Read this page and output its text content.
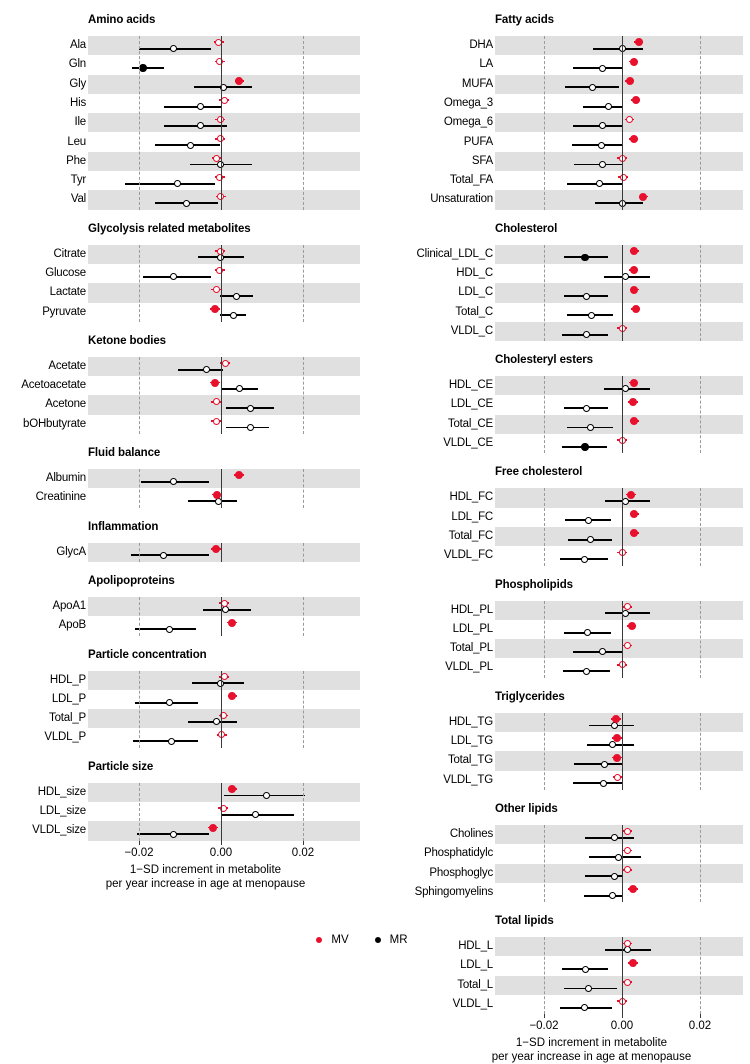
Amino acids
Ala
Gln
Gly
His
Ile
Leu
Phe
Tyr
Val
Glycolysis related metabolites
Citrate
Glucose
Lactate
Pyruvate
Ketone bodies
Acetate
Acetoacetate
Acetone
bOHbutyrate
Fluid balance
Albumin
Creatinine
Inflammation
GlycA
Apolipoproteins
ApoA1
ApoB
Particle concentration
HDL_P
LDL_P
Total_P
VLDL_P
Particle size
HDL_size
LDL_size
VLDL_size
−0.02	0.00	0.02
1−SD increment in metabolite
per year increase in age at menopause
Fatty acids
DHA
LA
MUFA
Omega_3
Omega_6
PUFA
SFA
Total_FA
Unsaturation
Cholesterol
Clinical_LDL_C
HDL_C
LDL_C
Total_C
VLDL_C
Cholesteryl esters
HDL_CE
LDL_CE
Total_CE
VLDL_CE
Free cholesterol
HDL_FC
LDL_FC
Total_FC
VLDL_FC
Phospholipids
HDL_PL
LDL_PL
Total_PL
VLDL_PL
Triglycerides
HDL_TG
LDL_TG
Total_TG
VLDL_TG
Other lipids
Cholines
Phosphatidylc
Phosphoglyc
Sphingomyelins
Total lipids
HDL_L
LDL_L
Total_L
VLDL_L
−0.02	0.00	0.02
1−SD increment in metabolite
per year increase in age at menopause
MV	MR
